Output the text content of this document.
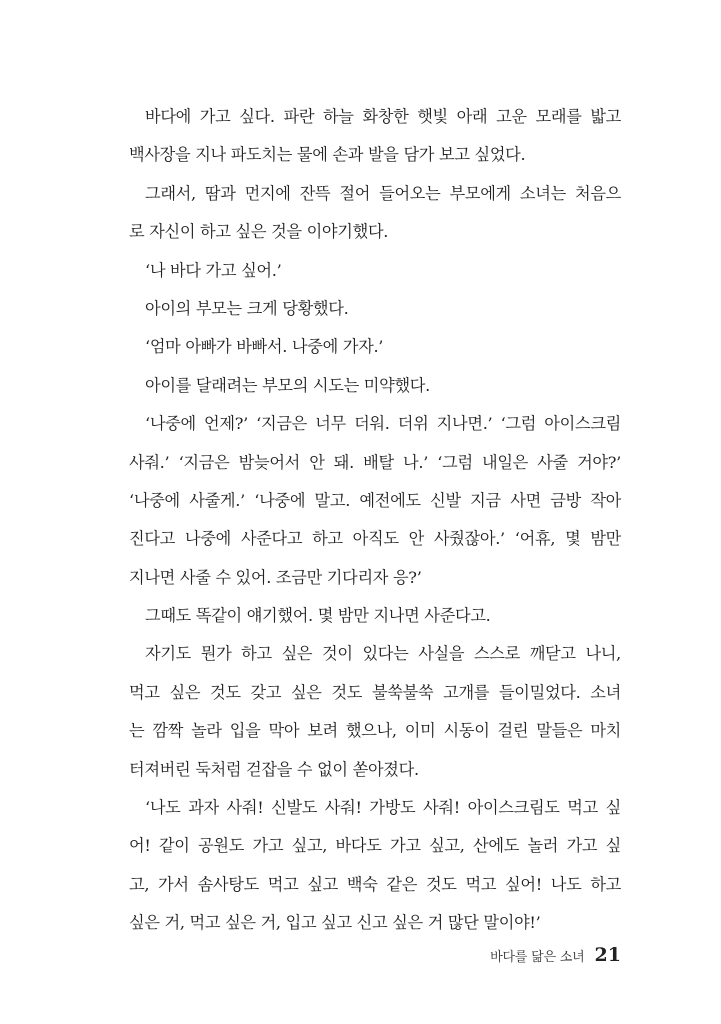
바다에 가고 싶다. 파란 하늘 화창한 햇빛 아래 고운 모래를 밟고
백사장을 지나 파도치는 물에 손과 발을 담가 보고 싶었다.
그래서, 땀과 먼지에 잔뜩 절어 들어오는 부모에게 소녀는 처음으
로 자신이 하고 싶은 것을 이야기했다.
‘나 바다 가고 싶어.’
아이의 부모는 크게 당황했다.
‘엄마 아빠가 바빠서. 나중에 가자.’
아이를 달래려는 부모의 시도는 미약했다.
‘나중에 언제?’ ‘지금은 너무 더워. 더위 지나면.’ ‘그럼 아이스크림
사줘.’ ‘지금은 밤늦어서 안 돼. 배탈 나.’ ‘그럼 내일은 사줄 거야?’
‘나중에 사줄게.’ ‘나중에 말고. 예전에도 신발 지금 사면 금방 작아
진다고 나중에 사준다고 하고 아직도 안 사줬잖아.’ ‘어휴, 몇 밤만
지나면 사줄 수 있어. 조금만 기다리자 응?’
그때도 똑같이 얘기했어. 몇 밤만 지나면 사준다고.
자기도 뭔가 하고 싶은 것이 있다는 사실을 스스로 깨닫고 나니,
먹고 싶은 것도 갖고 싶은 것도 불쑥불쑥 고개를 들이밀었다. 소녀
는 깜짝 놀라 입을 막아 보려 했으나, 이미 시동이 걸린 말들은 마치
터져버린 둑처럼 걷잡을 수 없이 쏟아졌다.
‘나도 과자 사줘! 신발도 사줘! 가방도 사줘! 아이스크림도 먹고 싶
어! 같이 공원도 가고 싶고, 바다도 가고 싶고, 산에도 놀러 가고 싶
고, 가서 솜사탕도 먹고 싶고 백숙 같은 것도 먹고 싶어! 나도 하고
싶은 거, 먹고 싶은 거, 입고 싶고 신고 싶은 거 많단 말이야!’
바다를 닮은 소녀 21
